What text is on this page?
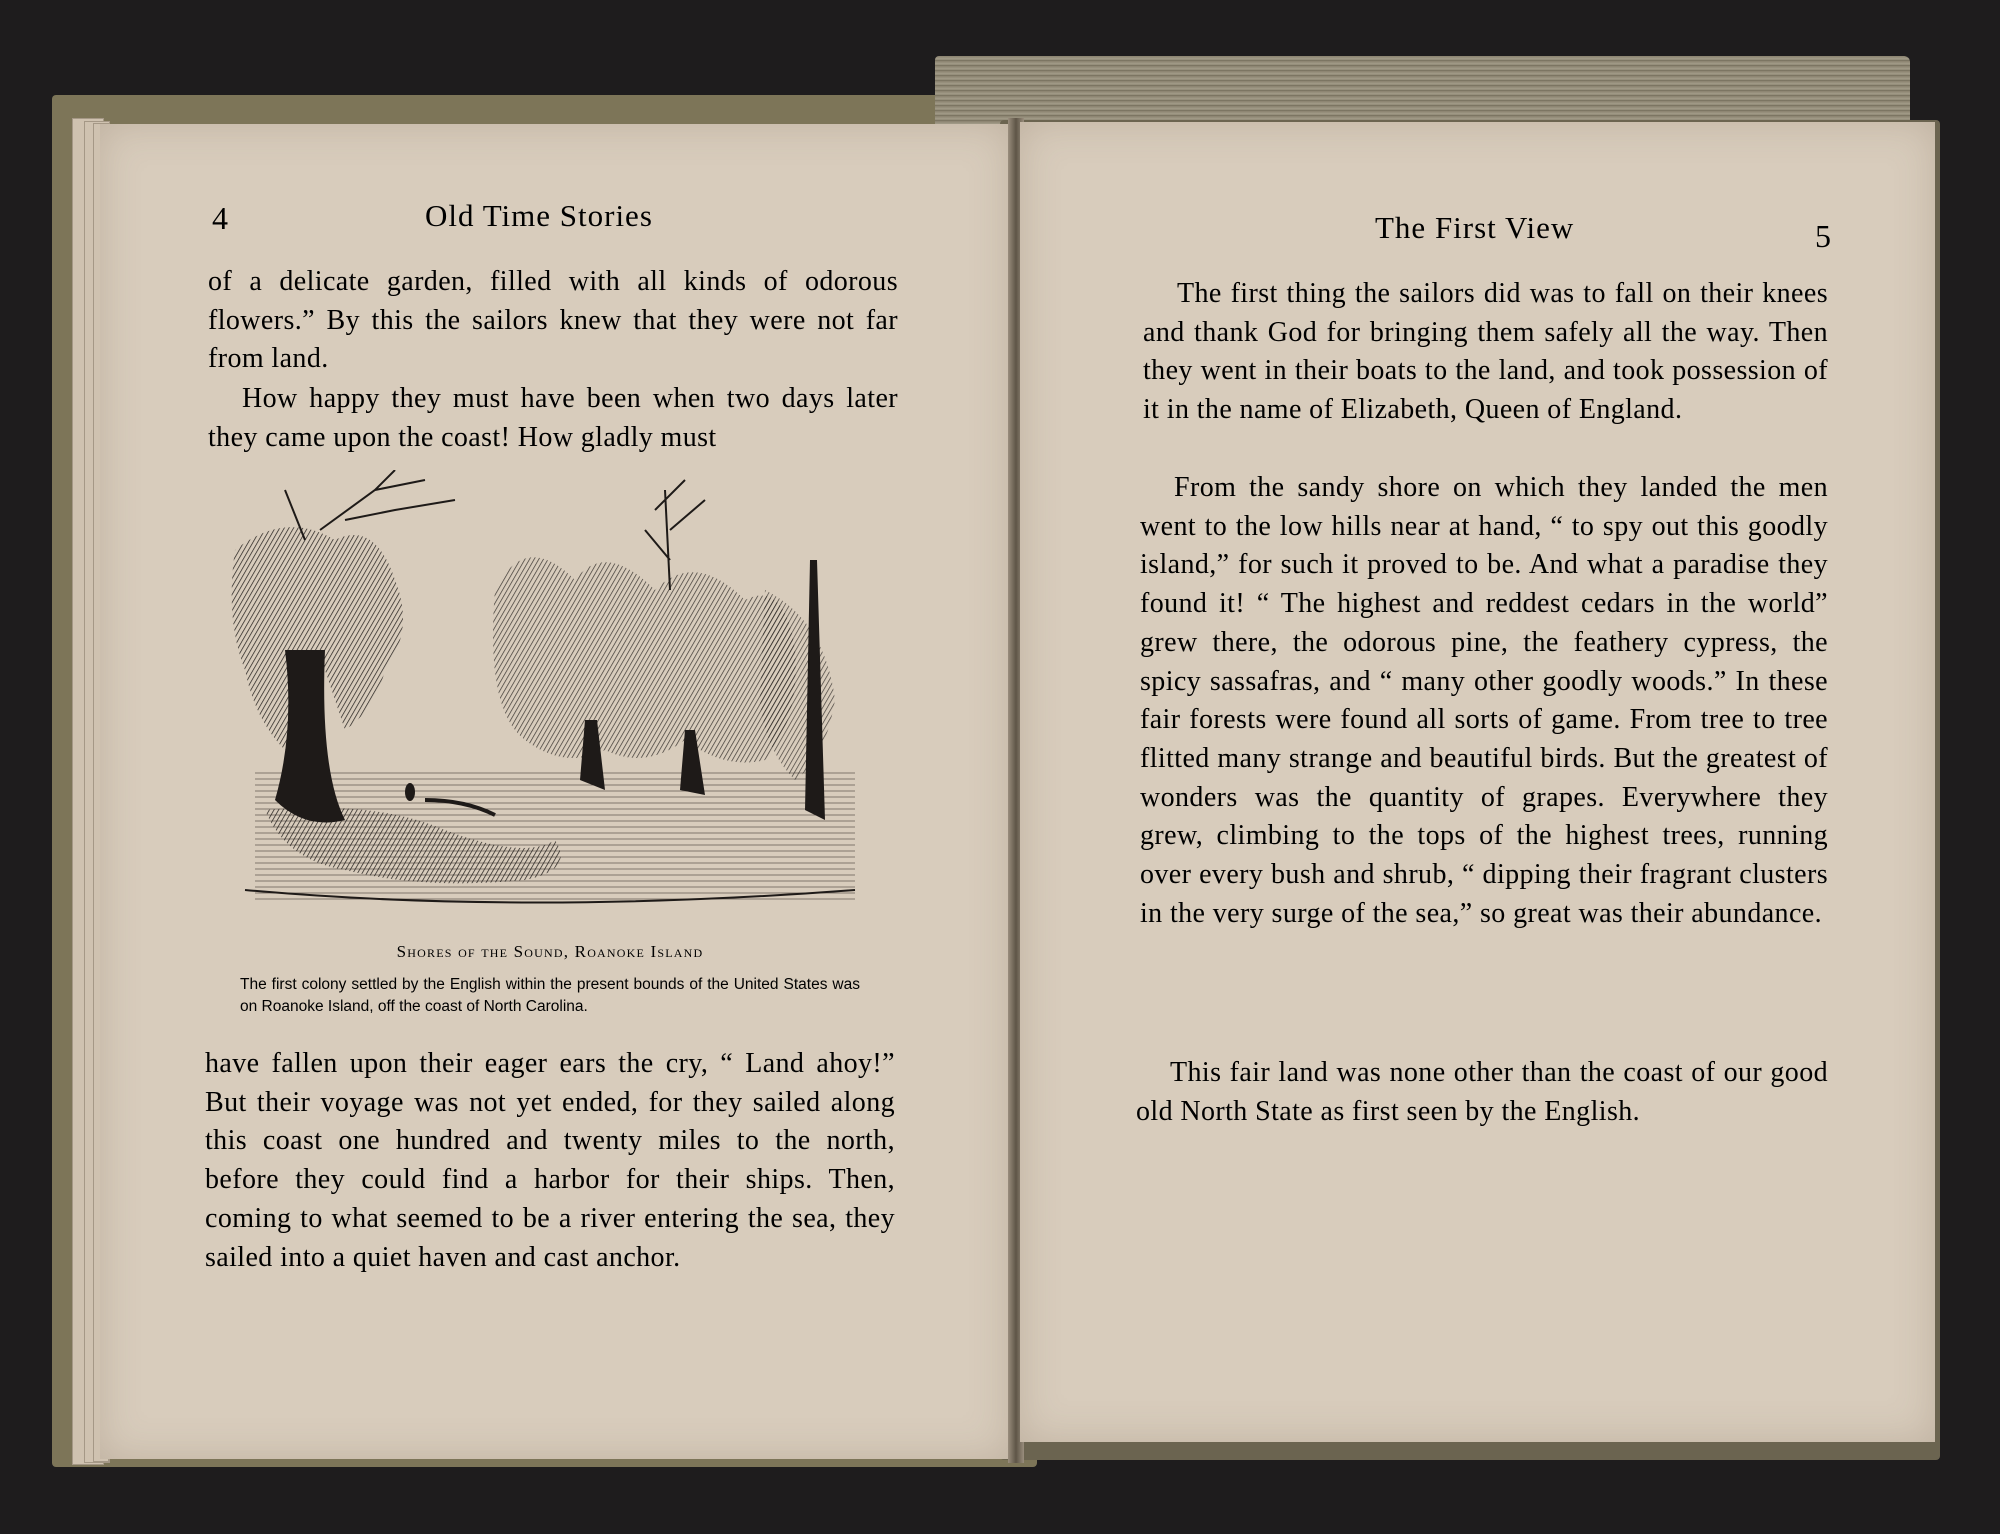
4	Old Time Stories

of a delicate garden, filled with all kinds of odorous flowers.” By this the sailors knew that they were not far from land.

How happy they must have been when two days later they came upon the coast! How gladly must

Shores of the Sound, Roanoke Island

The first colony settled by the English within the present bounds of the United States was on Roanoke Island, off the coast of North Carolina.

have fallen upon their eager ears the cry, “ Land ahoy!” But their voyage was not yet ended, for they sailed along this coast one hundred and twenty miles to the north, before they could find a harbor for their ships. Then, coming to what seemed to be a river entering the sea, they sailed into a quiet haven and cast anchor.

The First View	5

The first thing the sailors did was to fall on their knees and thank God for bringing them safely all the way. Then they went in their boats to the land, and took possession of it in the name of Elizabeth, Queen of England.

From the sandy shore on which they landed the men went to the low hills near at hand, “ to spy out this goodly island,” for such it proved to be. And what a paradise they found it! “ The highest and reddest cedars in the world” grew there, the odorous pine, the feathery cypress, the spicy sassafras, and “ many other goodly woods.” In these fair forests were found all sorts of game. From tree to tree flitted many strange and beautiful birds. But the greatest of wonders was the quantity of grapes. Everywhere they grew, climbing to the tops of the highest trees, running over every bush and shrub, “ dipping their fragrant clusters in the very surge of the sea,” so great was their abundance.

This fair land was none other than the coast of our good old North State as first seen by the English.
